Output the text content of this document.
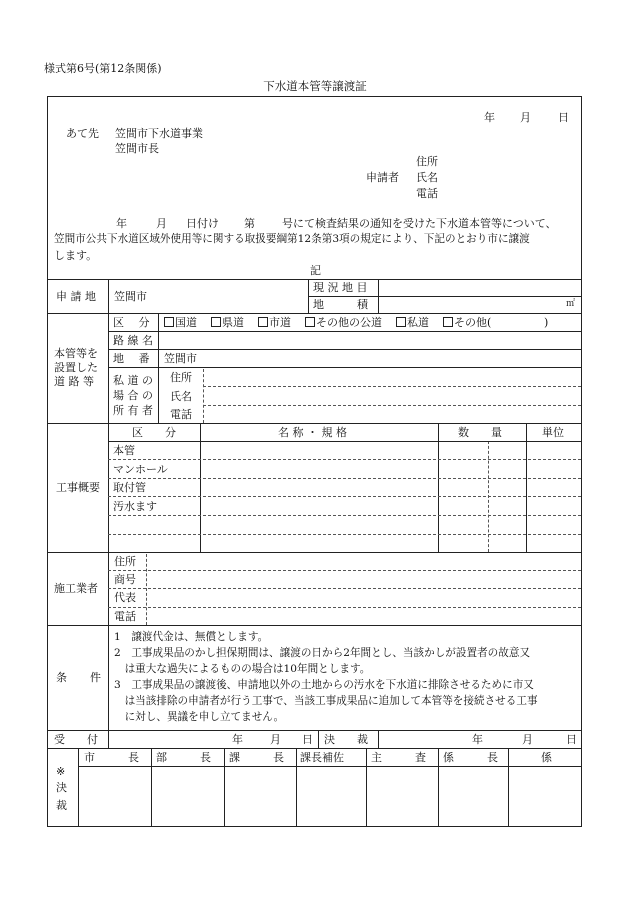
様式第6号(第12条関係)
下水道本管等譲渡証
年 月 日
あて先 笠間市下水道事業
笠間市長
住所
申請者 氏名
電話
年	月 日付け 第 号にて検査結果の通知を受けた下水道本管等について、
笠間市公共下水道区域外使用等に関する取扱要綱第12条第3項の規定により、下記のとおり市に譲渡
します。
記
申 請 地 笠間市
現 況 地 目
地　　　積	㎡
本管等を
設置した
道 路 等
区　 分	国道 県道 市道 その他の公道 私道 その他(	)
路 線 名
地　 番 笠間市
私 道 の
場 合 の
所 有 者
住所
氏名
電話
工事概要
区　　分	名 称 ・ 規 格	数　　量	単位
本管
マンホール
取付管
汚水ます
施工業者
住所
商号
代表
電話
条 件
1　譲渡代金は、無償とします。
2　工事成果品のかし担保期間は、譲渡の日から2年間とし、当該かしが設置者の故意又
　は重大な過失によるものの場合は10年間とします。
3　工事成果品の譲渡後、申請地以外の土地からの汚水を下水道に排除させるために市又
　は当該排除の申請者が行う工事で、当該工事成果品に追加して本管等を接続させる工事
　に対し、異議を申し立てません。
受　　付	年 月 日 決　　裁	年	月	日
※
決
裁
市　　　長 部　　　長 課　　　長 課長補佐 主　　　査 係　　　長	係
